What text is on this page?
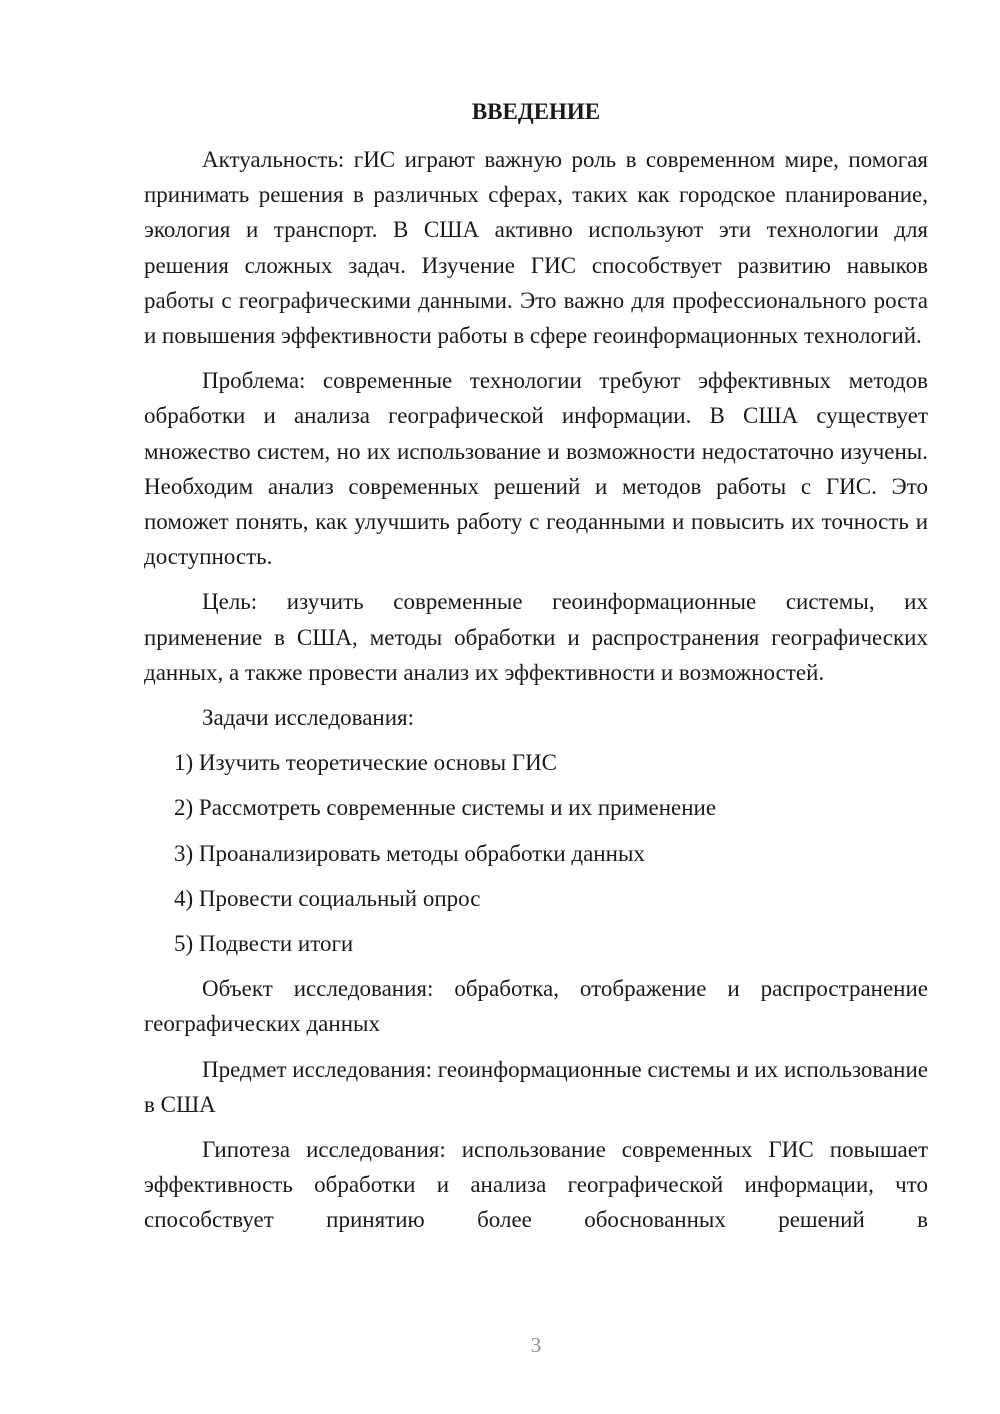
ВВЕДЕНИЕ

Актуальность: гИС играют важную роль в современном мире, помогая принимать решения в различных сферах, таких как городское планирование, экология и транспорт. В США активно используют эти технологии для решения сложных задач. Изучение ГИС способствует развитию навыков работы с географическими данными. Это важно для профессионального роста и повышения эффективности работы в сфере геоинформационных технологий.

Проблема: современные технологии требуют эффективных методов обработки и анализа географической информации. В США существует множество систем, но их использование и возможности недостаточно изучены. Необходим анализ современных решений и методов работы с ГИС. Это поможет понять, как улучшить работу с геоданными и повысить их точность и доступность.

Цель: изучить современные геоинформационные системы, их применение в США, методы обработки и распространения географических данных, а также провести анализ их эффективности и возможностей.

Задачи исследования:
1) Изучить теоретические основы ГИС
2) Рассмотреть современные системы и их применение
3) Проанализировать методы обработки данных
4) Провести социальный опрос
5) Подвести итоги

Объект исследования: обработка, отображение и распространение географических данных

Предмет исследования: геоинформационные системы и их использование в США

Гипотеза исследования: использование современных ГИС повышает эффективность обработки и анализа географической информации, что способствует принятию более обоснованных решений в

3
